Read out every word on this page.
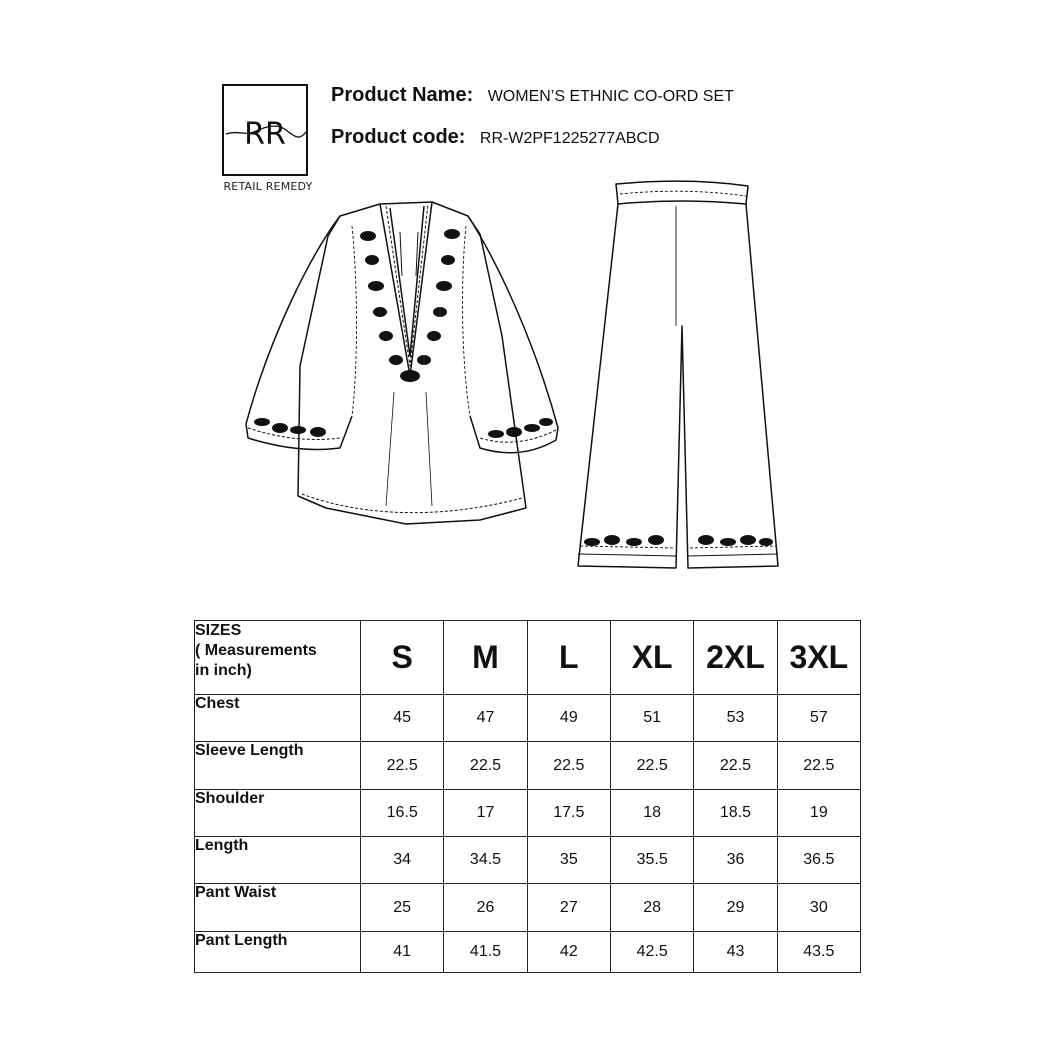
RR
RETAIL REMEDY
Product Name: WOMEN’S ETHNIC CO-ORD SET
Product code: RR-W2PF1225277ABCD
SIZES
( Measurements
in inch)	S	M	L	XL	2XL	3XL
Chest	45	47	49	51	53	57
Sleeve Length	22.5	22.5	22.5	22.5	22.5	22.5
Shoulder	16.5	17	17.5	18	18.5	19
Length	34	34.5	35	35.5	36	36.5
Pant Waist	25	26	27	28	29	30
Pant Length	41	41.5	42	42.5	43	43.5
